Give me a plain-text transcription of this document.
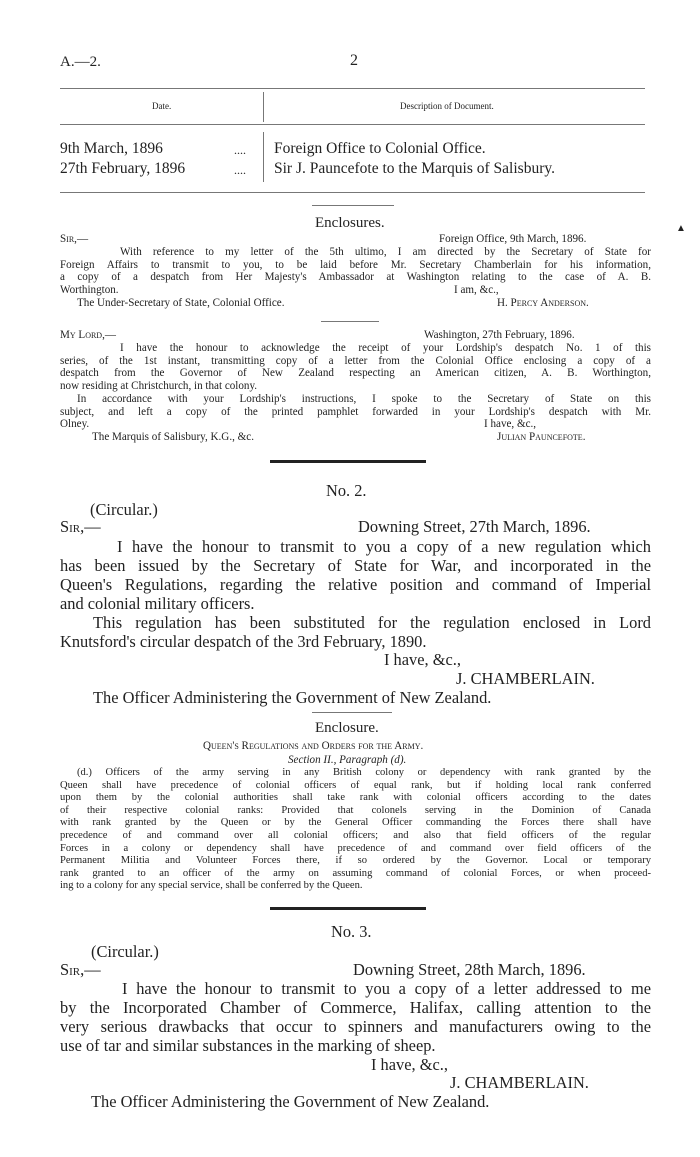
A.—2.	2
Date.	Description of Document.
9th March, 1896	.... Foreign Office to Colonial Office.
27th February, 1896	.... Sir J. Pauncefote to the Marquis of Salisbury.
Enclosures.	▲
Sir,—	Foreign Office, 9th March, 1896.
With reference to my letter of the 5th ultimo, I am directed by the Secretary of State for
Foreign Affairs to transmit to you, to be laid before Mr. Secretary Chamberlain for his information,
a copy of a despatch from Her Majesty's Ambassador at Washington relating to the case of A. B.
Worthington.	I am, &c.,
The Under-Secretary of State, Colonial Office.	H. Percy Anderson.
My Lord,—	Washington, 27th February, 1896.
I have the honour to acknowledge the receipt of your Lordship's despatch No. 1 of this
series, of the 1st instant, transmitting copy of a letter from the Colonial Office enclosing a copy of a
despatch from the Governor of New Zealand respecting an American citizen, A. B. Worthington,
now residing at Christchurch, in that colony.
In accordance with your Lordship's instructions, I spoke to the Secretary of State on this
subject, and left a copy of the printed pamphlet forwarded in your Lordship's despatch with Mr.
Olney.	I have, &c.,
The Marquis of Salisbury, K.G., &c.	Julian Pauncefote.
No. 2.
(Circular.)
Sir,—	Downing Street, 27th March, 1896.
I have the honour to transmit to you a copy of a new regulation which
has been issued by the Secretary of State for War, and incorporated in the
Queen's Regulations, regarding the relative position and command of Imperial
and colonial military officers.
This regulation has been substituted for the regulation enclosed in Lord
Knutsford's circular despatch of the 3rd February, 1890.
I have, &c.,
J. CHAMBERLAIN.
The Officer Administering the Government of New Zealand.
Enclosure.
Queen's Regulations and Orders for the Army.
Section II., Paragraph (d).
(d.) Officers of the army serving in any British colony or dependency with rank granted by the
Queen shall have precedence of colonial officers of equal rank, but if holding local rank conferred
upon them by the colonial authorities shall take rank with colonial officers according to the dates
of their respective colonial ranks: Provided that colonels serving in the Dominion of Canada
with rank granted by the Queen or by the General Officer commanding the Forces there shall have
precedence of and command over all colonial officers; and also that field officers of the regular
Forces in a colony or dependency shall have precedence of and command over field officers of the
Permanent Militia and Volunteer Forces there, if so ordered by the Governor. Local or temporary
rank granted to an officer of the army on assuming command of colonial Forces, or when proceed-
ing to a colony for any special service, shall be conferred by the Queen.
No. 3.
(Circular.)
Sir,—	Downing Street, 28th March, 1896.
I have the honour to transmit to you a copy of a letter addressed to me
by the Incorporated Chamber of Commerce, Halifax, calling attention to the
very serious drawbacks that occur to spinners and manufacturers owing to the
use of tar and similar substances in the marking of sheep.
I have, &c.,
J. CHAMBERLAIN.
The Officer Administering the Government of New Zealand.
